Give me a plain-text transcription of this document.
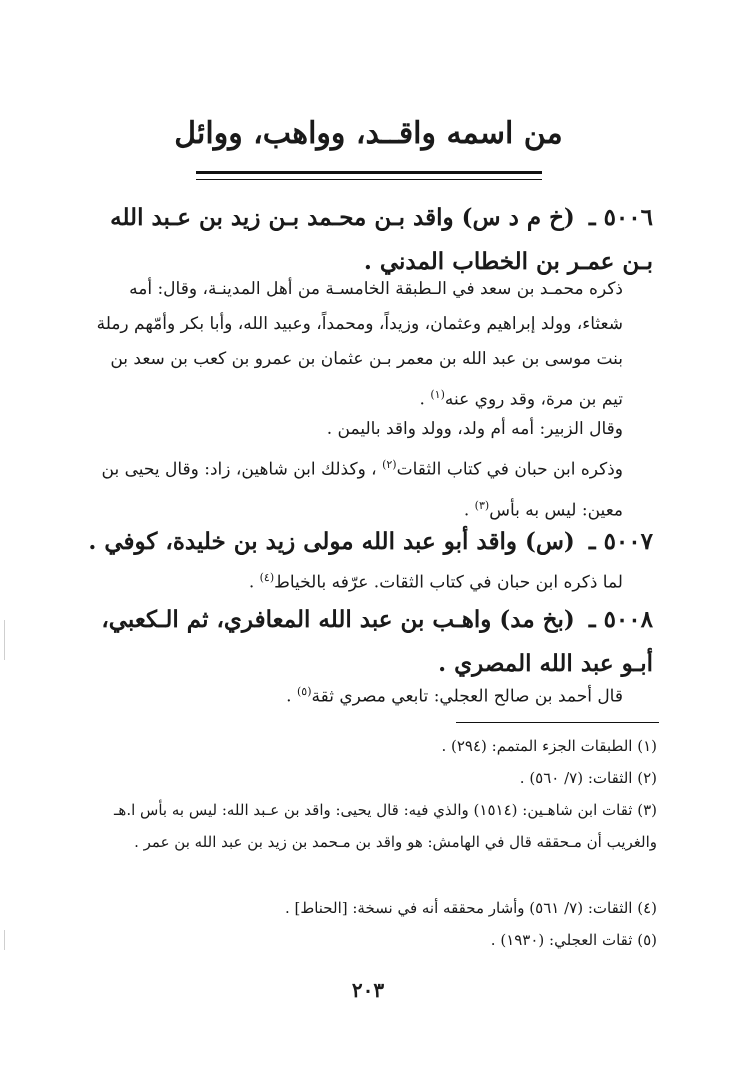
من اسمه واقــد، وواهب، ووائل
٥٠٠٦ ـ (خ م د س) واقد بـن محـمد بـن زيد بن عـبد الله بـن عمـر بن الخطاب المدني .
ذكره محمـد بن سعد في الـطبقة الخامسـة من أهل المدينـة، وقال: أمه شعثاء، وولد إبراهيم وعثمان، وزيداً، ومحمداً، وعبيد الله، وأبا بكر وأمّهم رملة بنت موسى بن عبد الله بن معمر بـن عثمان بن عمرو بن كعب بن سعد بن تيم بن مرة، وقد روي عنه$^{(١)}$ .
وقال الزبير: أمه أم ولد، وولد واقد باليمن .
وذكره ابن حبان في كتاب الثقات$^{(٢)}$ ، وكذلك ابن شاهين، زاد: وقال يحيى بن معين: ليس به بأس$^{(٣)}$ .
٥٠٠٧ ـ (س) واقد أبو عبد الله مولى زيد بن خليدة، كوفي .
لما ذكره ابن حبان في كتاب الثقات. عرّفه بالخياط$^{(٤)}$ .
٥٠٠٨ ـ (بخ مد) واهـب بن عبد الله المعافري، ثم الـكعبي، أبـو عبد الله المصري .
قال أحمد بن صالح العجلي: تابعي مصري ثقة$^{(٥)}$ .
(١) الطبقات الجزء المتمم: (٢٩٤) .
(٢) الثقات: (٧/ ٥٦٠) .
(٣) ثقات ابن شاهـين: (١٥١٤) والذي فيه: قال يحيى: واقد بن عـبد الله: ليس به بأس ا.هـ والغريب أن مـحققه قال في الهامش: هو واقد بن مـحمد بن زيد بن عبد الله بن عمر .
(٤) الثقات: (٧/ ٥٦١) وأشار محققه أنه في نسخة: [الحناط] .
(٥) ثقات العجلي: (١٩٣٠) .
٢٠٣
